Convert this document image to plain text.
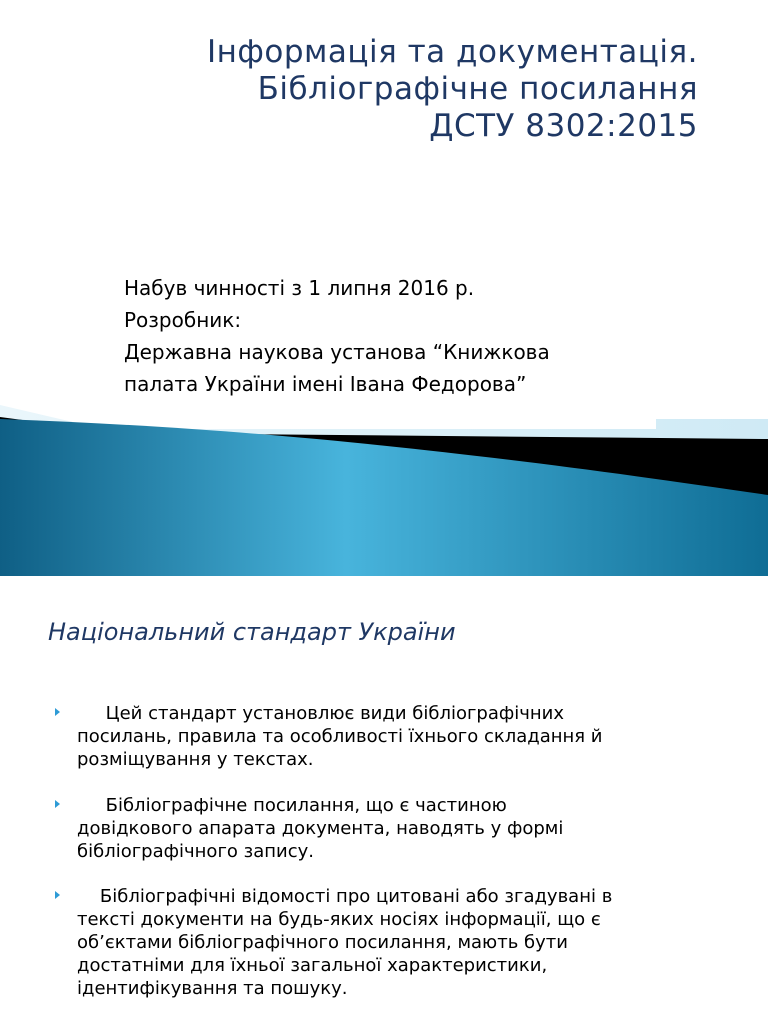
Інформація та документація.
Бібліографічне посилання
ДСТУ 8302:2015
Набув чинності з 1 липня 2016 р.
Розробник:
Державна наукова установа “Книжкова
палата України імені Івана Федорова”
Національний стандарт України
Цей стандарт установлює види бібліографічних
посилань, правила та особливості їхнього складання й
розміщування у текстах.
Бібліографічне посилання, що є частиною
довідкового апарата документа, наводять у формі
бібліографічного запису.
Бібліографічні відомості про цитовані або згадувані в
тексті документи на будь-яких носіях інформації, що є
об’єктами бібліографічного посилання, мають бути
достатніми для їхньої загальної характеристики,
ідентифікування та пошуку.
